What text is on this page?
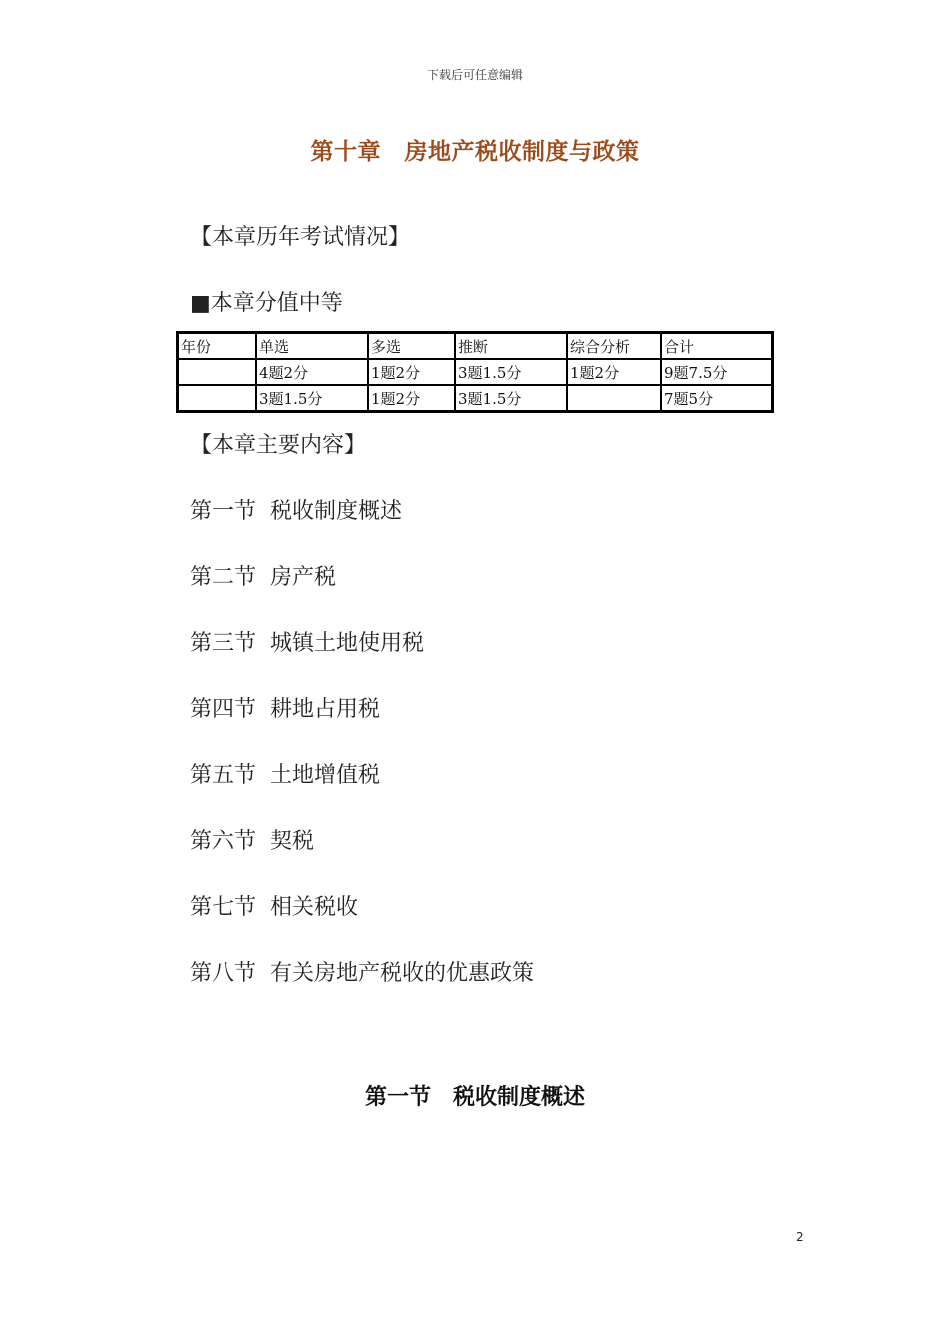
下载后可任意编辑
第十章　房地产税收制度与政策
【本章历年考试情况】
■本章分值中等
年份	单选	多选	推断	综合分析	合计
	4题2分	1题2分	3题1.5分	1题2分	9题7.5分
	3题1.5分	1题2分	3题1.5分		7题5分
【本章主要内容】
第一节 税收制度概述
第二节 房产税
第三节 城镇土地使用税
第四节 耕地占用税
第五节 土地增值税
第六节 契税
第七节 相关税收
第八节 有关房地产税收的优惠政策
第一节 税收制度概述
2
